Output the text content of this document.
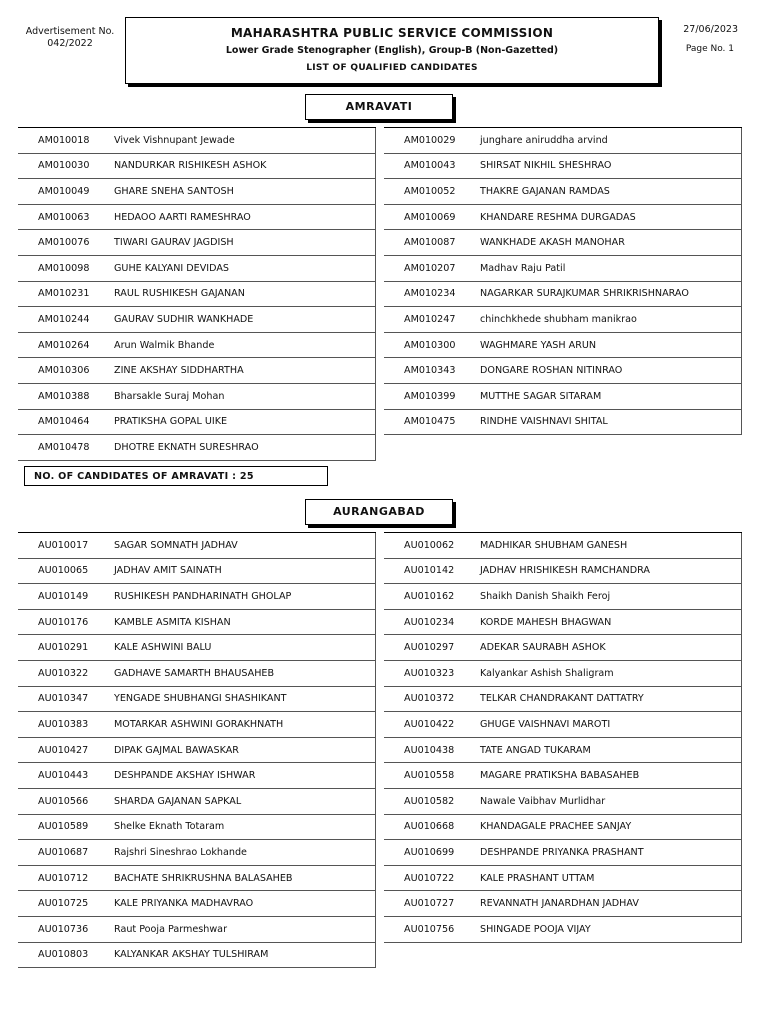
Advertisement No.
042/2022
27/06/2023
Page No. 1
MAHARASHTRA PUBLIC SERVICE COMMISSION
Lower Grade Stenographer (English), Group-B (Non-Gazetted)
LIST OF QUALIFIED CANDIDATES
AMRAVATI
AM010018	Vivek Vishnupant Jewade
AM010030	NANDURKAR RISHIKESH ASHOK
AM010049	GHARE SNEHA SANTOSH
AM010063	HEDAOO AARTI RAMESHRAO
AM010076	TIWARI GAURAV JAGDISH
AM010098	GUHE KALYANI DEVIDAS
AM010231	RAUL RUSHIKESH GAJANAN
AM010244	GAURAV SUDHIR WANKHADE
AM010264	Arun Walmik Bhande
AM010306	ZINE AKSHAY SIDDHARTHA
AM010388	Bharsakle Suraj Mohan
AM010464	PRATIKSHA GOPAL UIKE
AM010478	DHOTRE EKNATH SURESHRAO
AM010029	junghare aniruddha arvind
AM010043	SHIRSAT NIKHIL SHESHRAO
AM010052	THAKRE GAJANAN RAMDAS
AM010069	KHANDARE RESHMA DURGADAS
AM010087	WANKHADE AKASH MANOHAR
AM010207	Madhav Raju Patil
AM010234	NAGARKAR SURAJKUMAR SHRIKRISHNARAO
AM010247	chinchkhede shubham manikrao
AM010300	WAGHMARE YASH ARUN
AM010343	DONGARE ROSHAN NITINRAO
AM010399	MUTTHE SAGAR SITARAM
AM010475	RINDHE VAISHNAVI SHITAL
NO. OF CANDIDATES OF AMRAVATI : 25
AURANGABAD
AU010017	SAGAR SOMNATH JADHAV
AU010065	JADHAV AMIT SAINATH
AU010149	RUSHIKESH PANDHARINATH GHOLAP
AU010176	KAMBLE ASMITA KISHAN
AU010291	KALE ASHWINI BALU
AU010322	GADHAVE SAMARTH BHAUSAHEB
AU010347	YENGADE SHUBHANGI SHASHIKANT
AU010383	MOTARKAR ASHWINI GORAKHNATH
AU010427	DIPAK GAJMAL BAWASKAR
AU010443	DESHPANDE AKSHAY ISHWAR
AU010566	SHARDA GAJANAN SAPKAL
AU010589	Shelke Eknath Totaram
AU010687	Rajshri Sineshrao Lokhande
AU010712	BACHATE SHRIKRUSHNA BALASAHEB
AU010725	KALE PRIYANKA MADHAVRAO
AU010736	Raut Pooja Parmeshwar
AU010803	KALYANKAR AKSHAY TULSHIRAM
AU010062	MADHIKAR SHUBHAM GANESH
AU010142	JADHAV HRISHIKESH RAMCHANDRA
AU010162	Shaikh Danish Shaikh Feroj
AU010234	KORDE MAHESH BHAGWAN
AU010297	ADEKAR SAURABH ASHOK
AU010323	Kalyankar Ashish Shaligram
AU010372	TELKAR CHANDRAKANT DATTATRY
AU010422	GHUGE VAISHNAVI MAROTI
AU010438	TATE ANGAD TUKARAM
AU010558	MAGARE PRATIKSHA BABASAHEB
AU010582	Nawale Vaibhav Murlidhar
AU010668	KHANDAGALE PRACHEE SANJAY
AU010699	DESHPANDE PRIYANKA PRASHANT
AU010722	KALE PRASHANT UTTAM
AU010727	REVANNATH JANARDHAN JADHAV
AU010756	SHINGADE POOJA VIJAY
